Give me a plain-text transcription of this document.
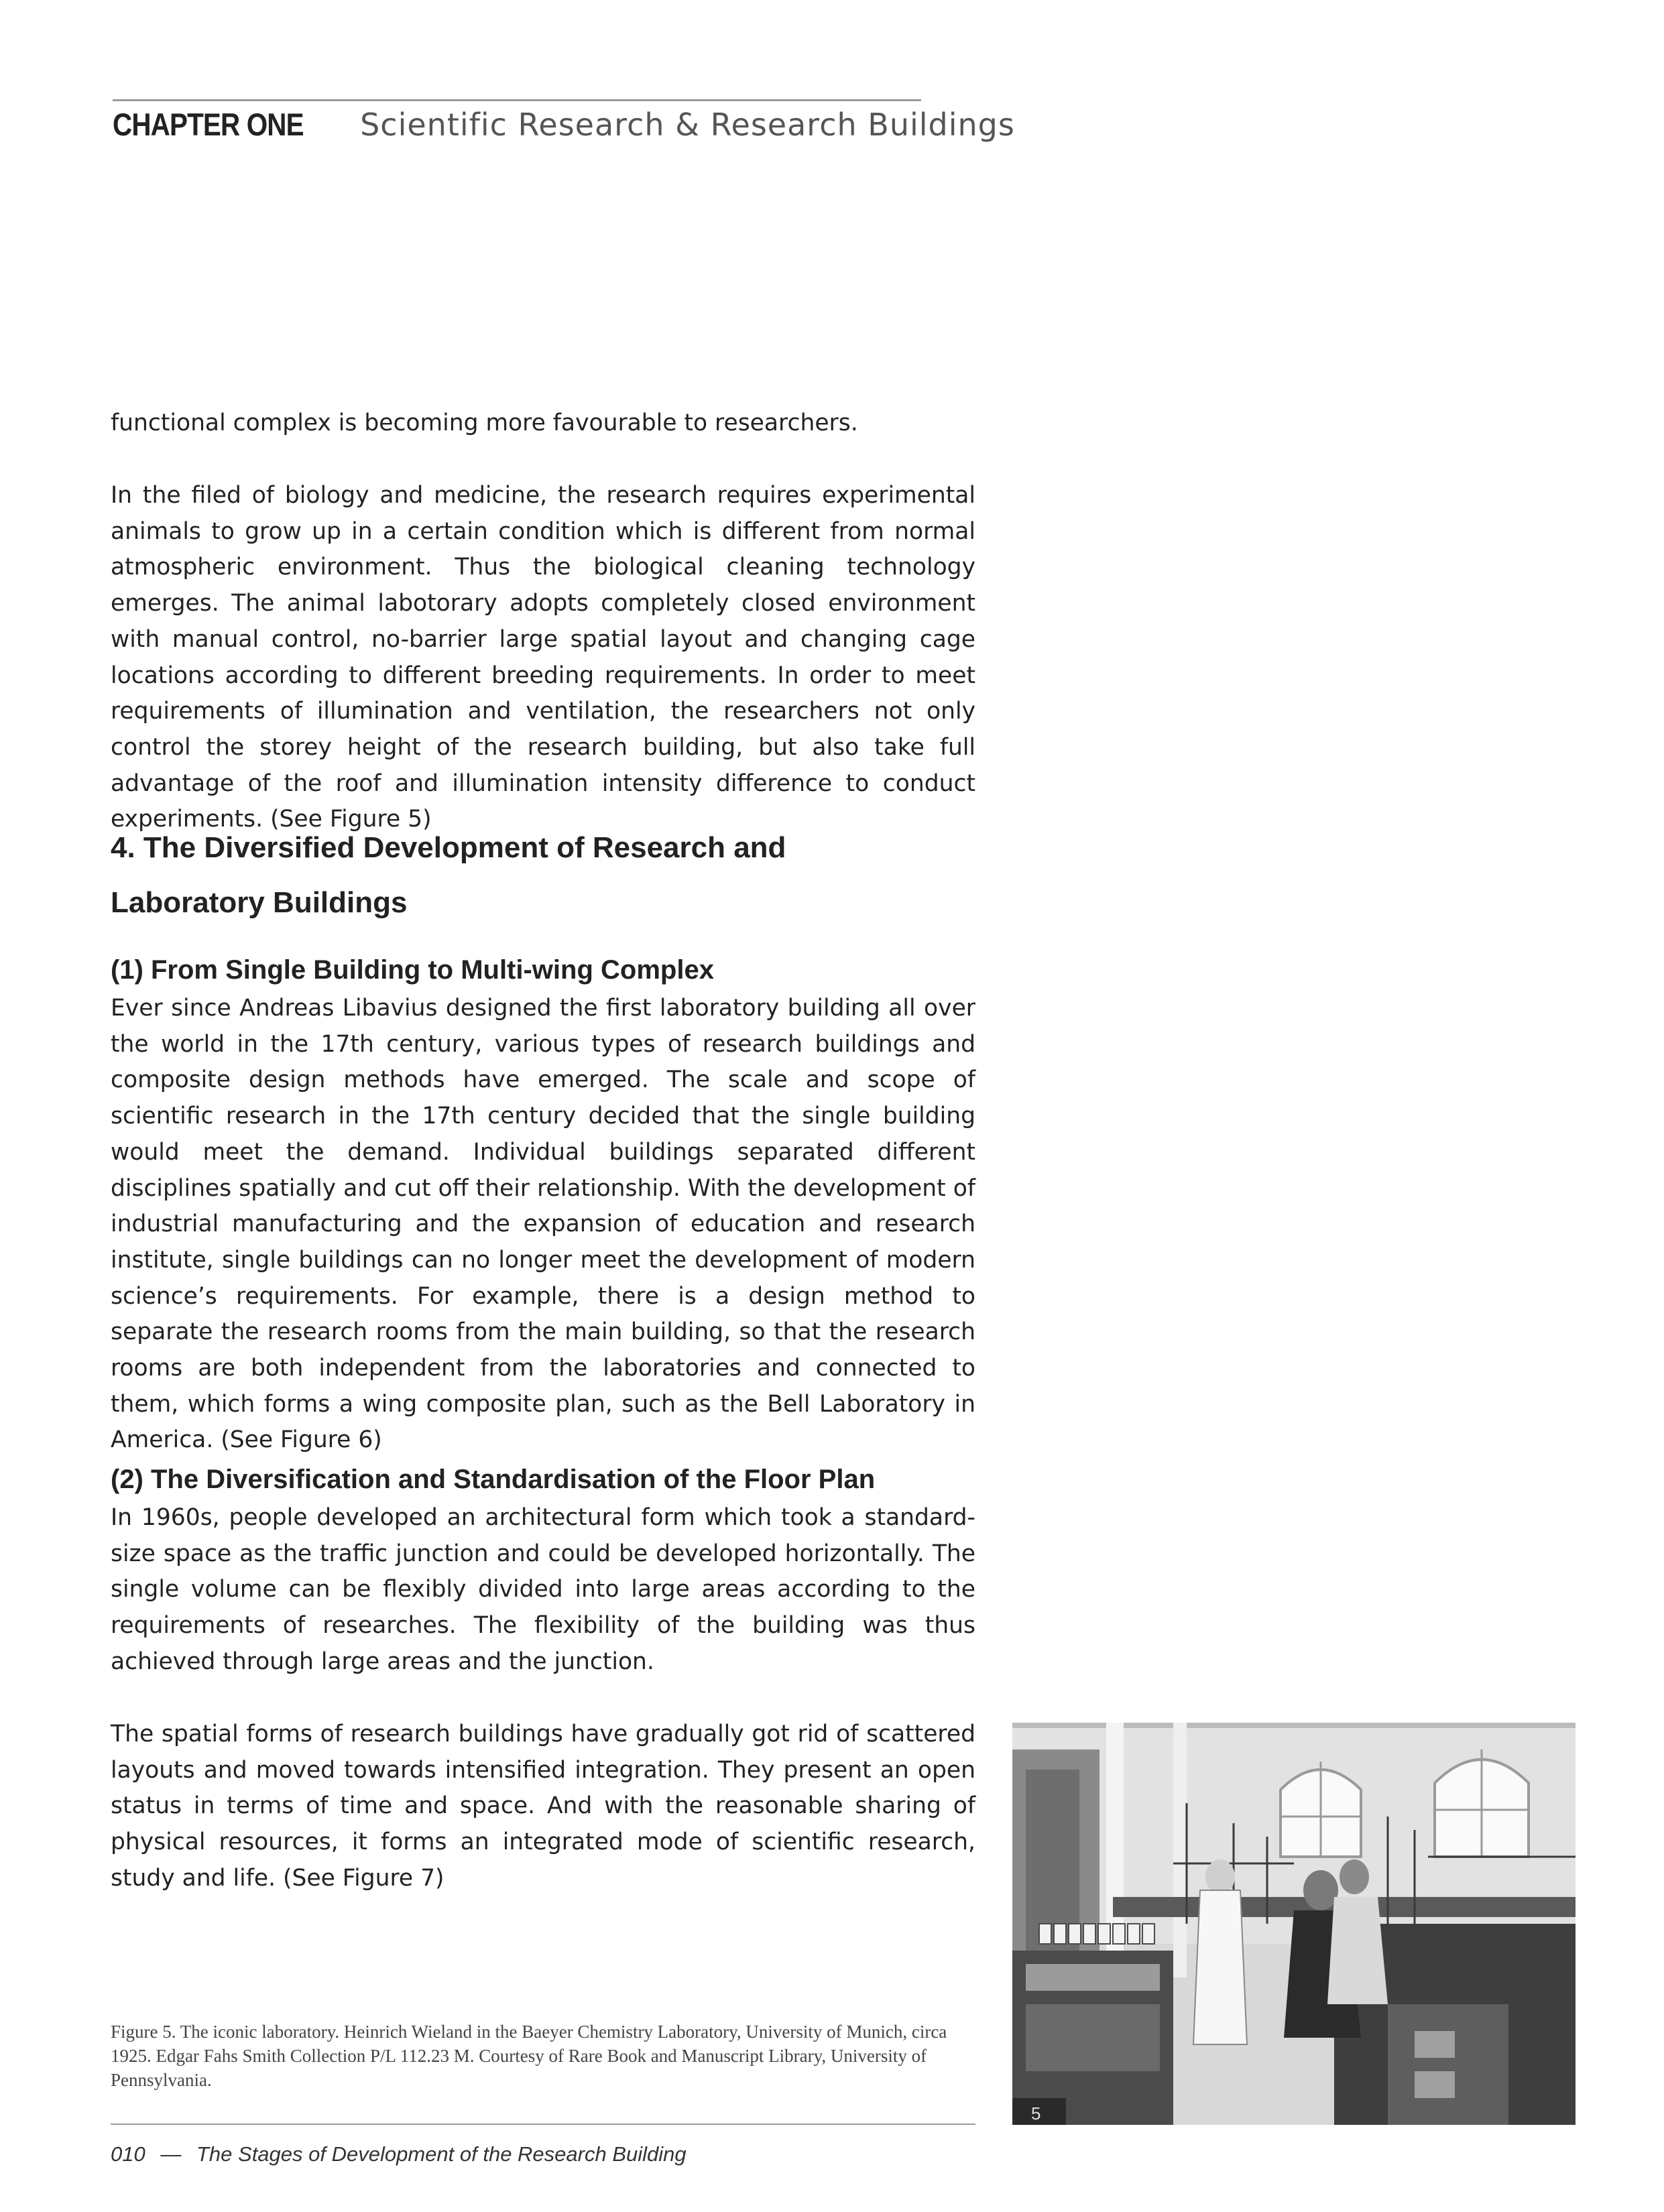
CHAPTER ONE Scientific Research & Research Buildings

functional complex is becoming more favourable to researchers.

In the filed of biology and medicine, the research requires experimental animals to grow up in a certain condition which is different from normal atmospheric environment. Thus the biological cleaning technology emerges. The animal labotorary adopts completely closed environment with manual control, no-barrier large spatial layout and changing cage locations according to different breeding requirements. In order to meet requirements of illumination and ventilation, the researchers not only control the storey height of the research building, but also take full advantage of the roof and illumination intensity difference to conduct experiments. (See Figure 5)

4. The Diversified Development of Research and
Laboratory Buildings
(1) From Single Building to Multi-wing Complex

Ever since Andreas Libavius designed the first laboratory building all over the world in the 17th century, various types of research buildings and composite design methods have emerged. The scale and scope of scientific research in the 17th century decided that the single building would meet the demand. Individual buildings separated different disciplines spatially and cut off their relationship. With the development of industrial manufacturing and the expansion of education and research institute, single buildings can no longer meet the development of modern science’s requirements. For example, there is a design method to separate the research rooms from the main building, so that the research rooms are both independent from the laboratories and connected to them, which forms a wing composite plan, such as the Bell Laboratory in America. (See Figure 6)

(2) The Diversification and Standardisation of the Floor Plan

In 1960s, people developed an architectural form which took a standard-size space as the traffic junction and could be developed horizontally. The single volume can be flexibly divided into large areas according to the requirements of researches. The flexibility of the building was thus achieved through large areas and the junction.

The spatial forms of research buildings have gradually got rid of scattered layouts and moved towards intensified integration. They present an open status in terms of time and space. And with the reasonable sharing of physical resources, it forms an integrated mode of scientific research, study and life. (See Figure 7)

Figure 5. The iconic laboratory. Heinrich Wieland in the Baeyer Chemistry Laboratory, University of Munich, circa 1925. Edgar Fahs Smith Collection P/L 112.23 M. Courtesy of Rare Book and Manuscript Library, University of Pennsylvania.

010 — The Stages of Development of the Research Building
5
